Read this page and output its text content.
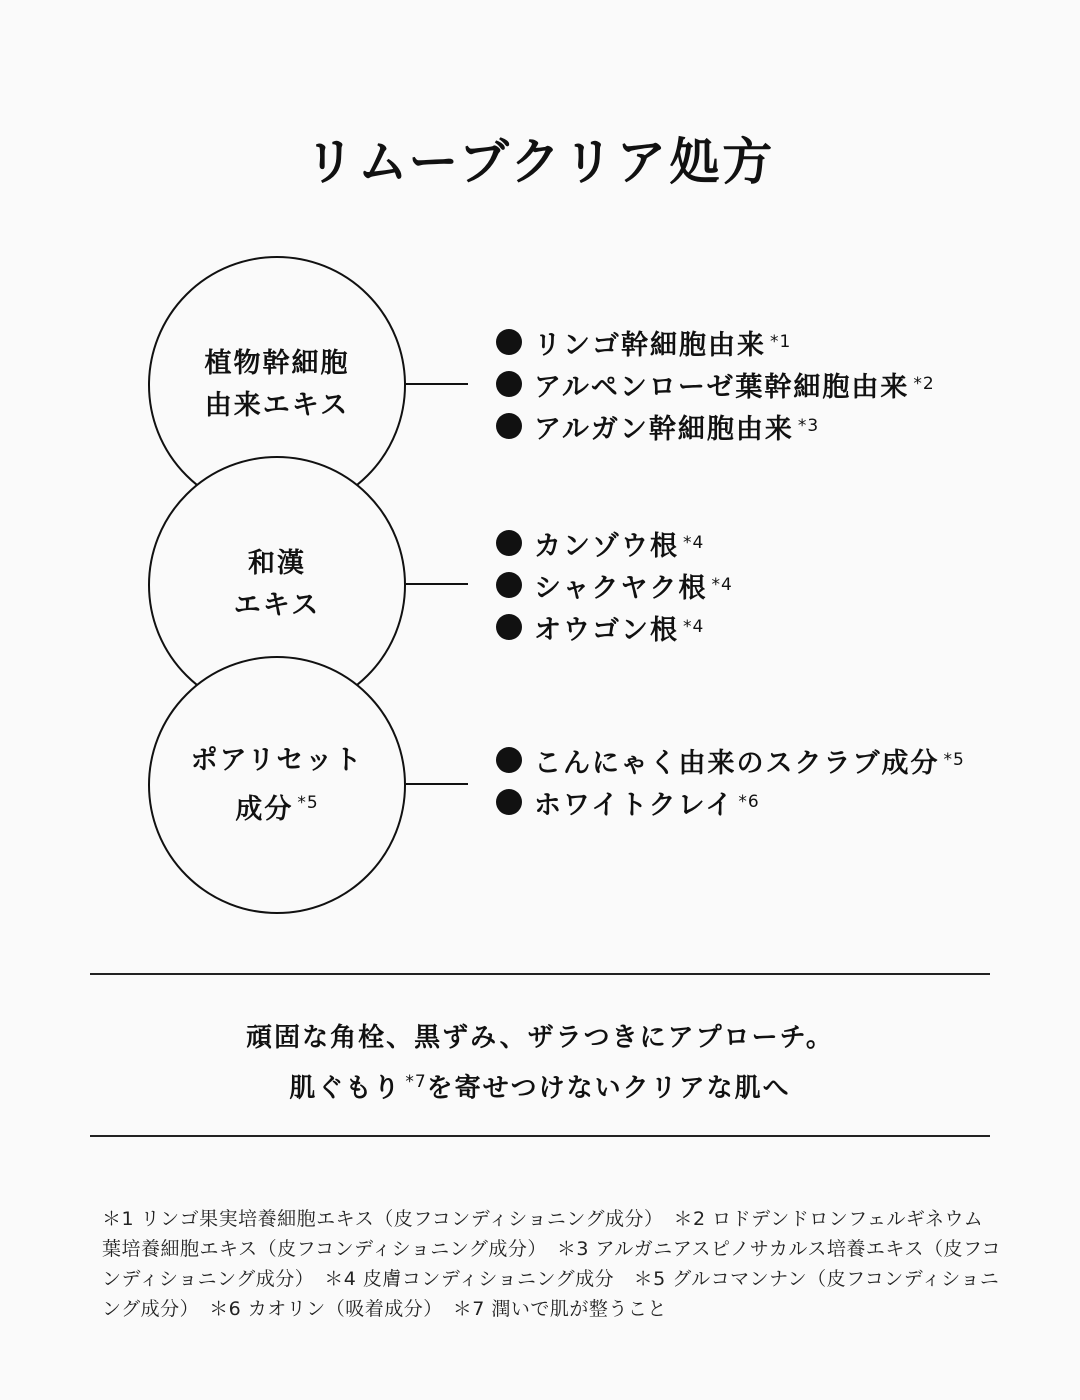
リムーブクリア処方
植物幹細胞
由来エキス
リンゴ幹細胞由来 *1
アルペンローゼ葉幹細胞由来 *2
アルガン幹細胞由来 *3
和漢
エキス
カンゾウ根 *4
シャクヤク根 *4
オウゴン根 *4
ポアリセット
成分 $^{*5}$
こんにゃく由来のスクラブ成分 *5
ホワイトクレイ *6
頑固な角栓、黒ずみ、ザラつきにアプローチ。
肌ぐもり $^{*7}$を寄せつけないクリアな肌へ
＊1 リンゴ果実培養細胞エキス（皮フコンディショニング成分）　＊2 ロドデンドロンフェルギネウム葉培養細胞エキス（皮フコンディショニング成分）　＊3 アルガニアスピノサカルス培養エキス（皮フコンディショニング成分）　＊4 皮膚コンディショニング成分　＊5 グルコマンナン（皮フコンディショニング成分）　＊6 カオリン（吸着成分）　＊7 潤いで肌が整うこと
